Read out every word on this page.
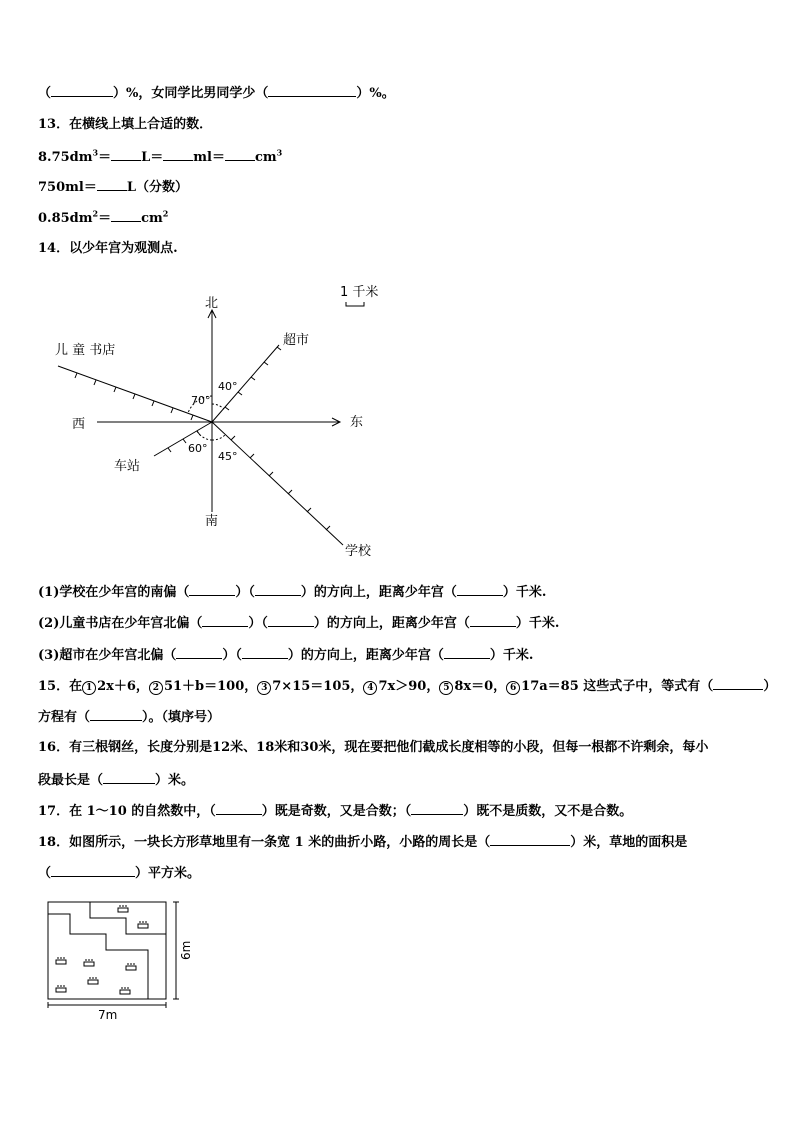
（	）%，女同学比男同学少（	）%。
13．在横线上填上合适的数．
$8.75dm^3= L= ml= cm^3$
750ml＝ L（分数）
$0.85dm^2= cm^2$
14．以少年宫为观测点.
北
南
东
西
1 千米
儿 童 书店
超市
车站
学校
70°
40°
60°
45°
(1)学校在少年宫的南偏（	）（	）的方向上，距离少年宫（	）千米.
(2)儿童书店在少年宫北偏（	）（	）的方向上，距离少年宫（	）千米.
(3)超市在少年宫北偏（	）（	）的方向上，距离少年宫（	）千米.
15．在 1 2x＋6， 2 51＋b＝100， 3 7×15＝105， 4 7x＞90， 5 8x＝0， 6 17a＝85 这些式子中，等式有（	）
方程有（	）。（填序号）
16．有三根钢丝，长度分别是12米、18米和30米，现在要把他们截成长度相等的小段，但每一根都不许剩余，每小
段最长是（	）米。
17．在 1～10 的自然数中，（	）既是奇数，又是合数；（	）既不是质数，又不是合数。
18．如图所示，一块长方形草地里有一条宽 1 米的曲折小路，小路的周长是（	）米，草地的面积是
（	）平方米。
7m
6m
